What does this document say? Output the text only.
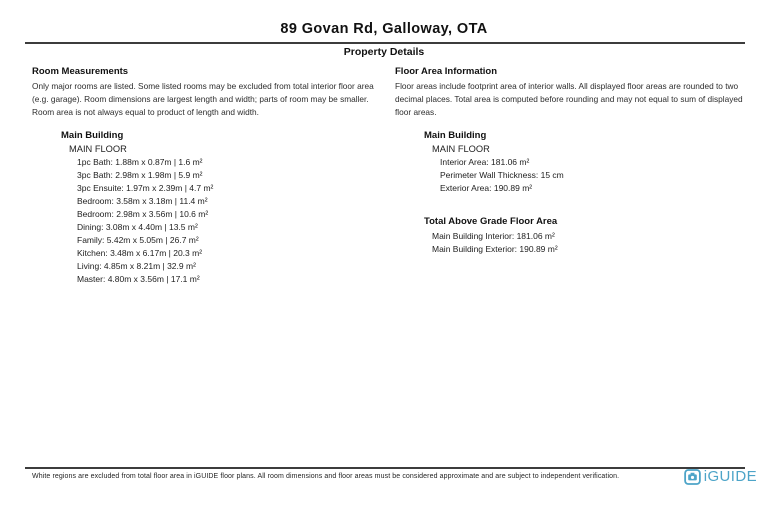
89 Govan Rd, Galloway, OTA
Property Details
Room Measurements
Only major rooms are listed. Some listed rooms may be excluded from total interior floor area (e.g. garage). Room dimensions are largest length and width; parts of room may be smaller. Room area is not always equal to product of length and width.
Main Building
MAIN FLOOR
1pc Bath: 1.88m x 0.87m | 1.6 m²
3pc Bath: 2.98m x 1.98m | 5.9 m²
3pc Ensuite: 1.97m x 2.39m | 4.7 m²
Bedroom: 3.58m x 3.18m | 11.4 m²
Bedroom: 2.98m x 3.56m | 10.6 m²
Dining: 3.08m x 4.40m | 13.5 m²
Family: 5.42m x 5.05m | 26.7 m²
Kitchen: 3.48m x 6.17m | 20.3 m²
Living: 4.85m x 8.21m | 32.9 m²
Master: 4.80m x 3.56m | 17.1 m²
Floor Area Information
Floor areas include footprint area of interior walls. All displayed floor areas are rounded to two decimal places. Total area is computed before rounding and may not equal to sum of displayed floor areas.
Main Building
MAIN FLOOR
Interior Area: 181.06 m²
Perimeter Wall Thickness: 15 cm
Exterior Area: 190.89 m²
Total Above Grade Floor Area
Main Building Interior: 181.06 m²
Main Building Exterior: 190.89 m²
White regions are excluded from total floor area in iGUIDE floor plans. All room dimensions and floor areas must be considered approximate and are subject to independent verification.	iGUIDE
